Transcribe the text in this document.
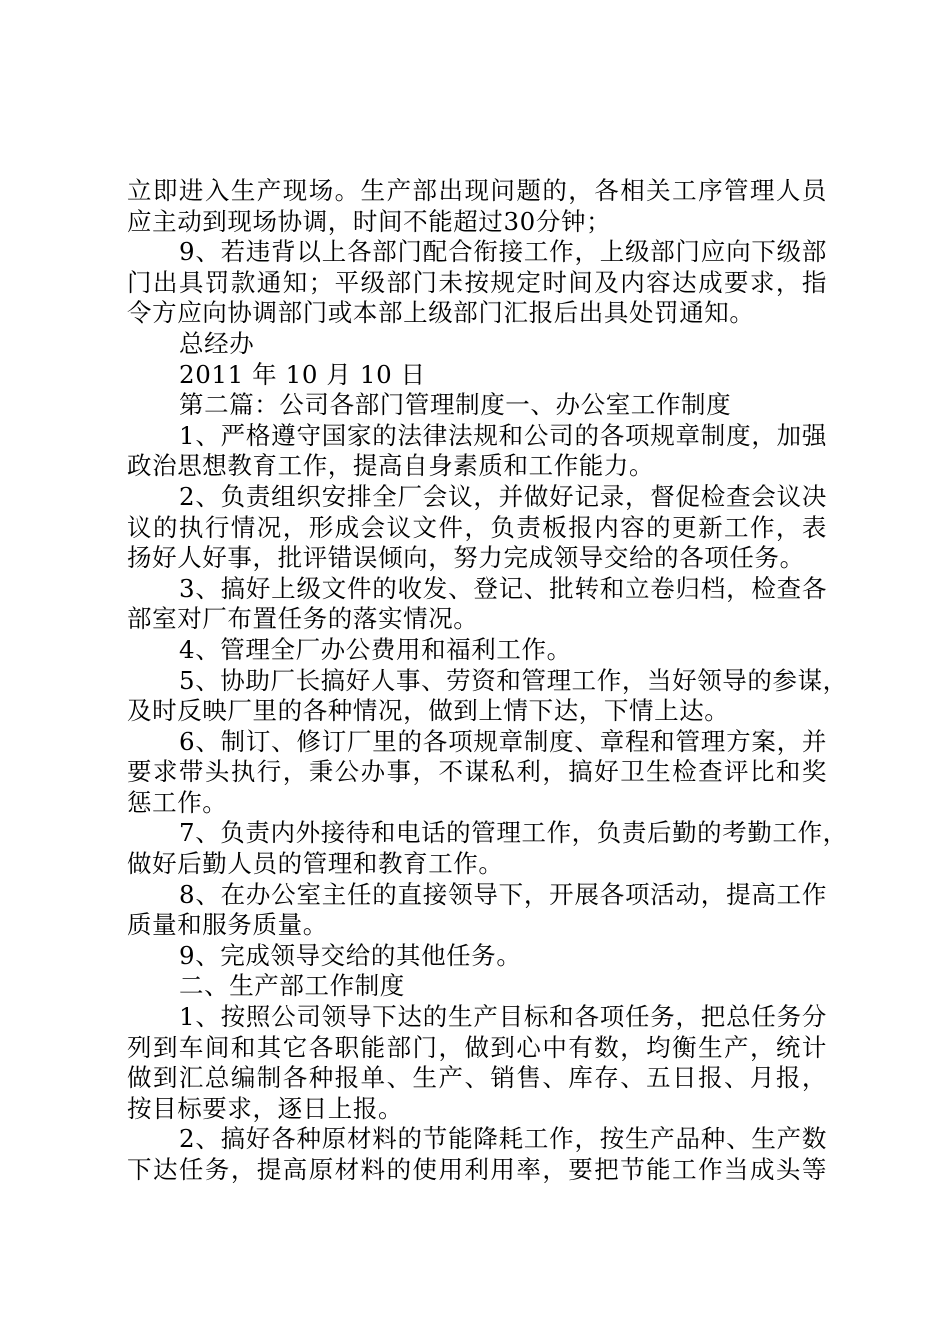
立即进入生产现场。生产部出现问题的，各相关工序管理人员
应主动到现场协调，时间不能超过30分钟；
9、若违背以上各部门配合衔接工作，上级部门应向下级部
门出具罚款通知；平级部门未按规定时间及内容达成要求，指
令方应向协调部门或本部上级部门汇报后出具处罚通知。
总经办
2011 年 10 月 10 日
第二篇：公司各部门管理制度一、办公室工作制度
1、严格遵守国家的法律法规和公司的各项规章制度，加强
政治思想教育工作，提高自身素质和工作能力。
2、负责组织安排全厂会议，并做好记录，督促检查会议决
议的执行情况，形成会议文件，负责板报内容的更新工作，表
扬好人好事，批评错误倾向，努力完成领导交给的各项任务。
3、搞好上级文件的收发、登记、批转和立卷归档，检查各
部室对厂布置任务的落实情况。
4、管理全厂办公费用和福利工作。
5、协助厂长搞好人事、劳资和管理工作，当好领导的参谋，
及时反映厂里的各种情况，做到上情下达，下情上达。
6、制订、修订厂里的各项规章制度、章程和管理方案，并
要求带头执行，秉公办事，不谋私利，搞好卫生检查评比和奖
惩工作。
7、负责内外接待和电话的管理工作，负责后勤的考勤工作，
做好后勤人员的管理和教育工作。
8、在办公室主任的直接领导下，开展各项活动，提高工作
质量和服务质量。
9、完成领导交给的其他任务。
二、生产部工作制度
1、按照公司领导下达的生产目标和各项任务，把总任务分
列到车间和其它各职能部门，做到心中有数，均衡生产，统计
做到汇总编制各种报单、生产、销售、库存、五日报、月报，
按目标要求，逐日上报。
2、搞好各种原材料的节能降耗工作，按生产品种、生产数
下达任务，提高原材料的使用利用率，要把节能工作当成头等
